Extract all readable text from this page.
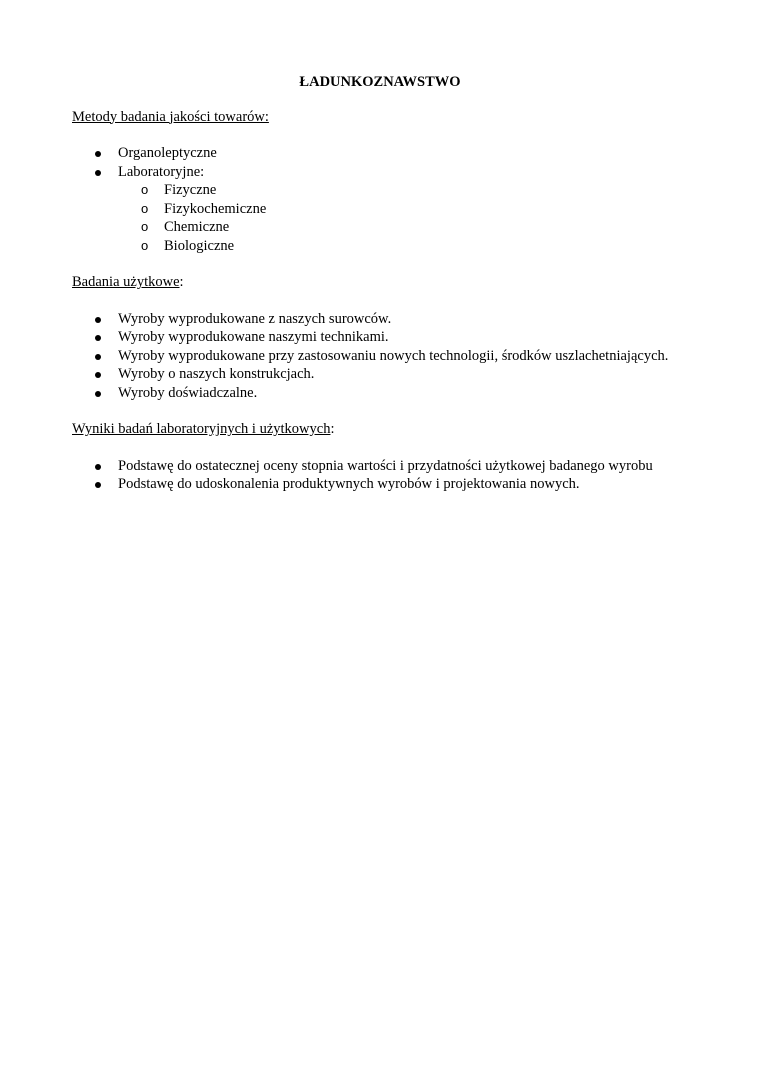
ŁADUNKOZNAWSTWO
Metody badania jakości towarów:
Organoleptyczne
Laboratoryjne:
o Fizyczne
o Fizykochemiczne
o Chemiczne
o Biologiczne
Badania użytkowe:
Wyroby wyprodukowane z naszych surowców.
Wyroby wyprodukowane naszymi technikami.
Wyroby wyprodukowane przy zastosowaniu nowych technologii, środków uszlachetniających.
Wyroby o naszych konstrukcjach.
Wyroby doświadczalne.
Wyniki badań laboratoryjnych i użytkowych:
Podstawę do ostatecznej oceny stopnia wartości i przydatności użytkowej badanego wyrobu
Podstawę do udoskonalenia produktywnych wyrobów i projektowania nowych.
